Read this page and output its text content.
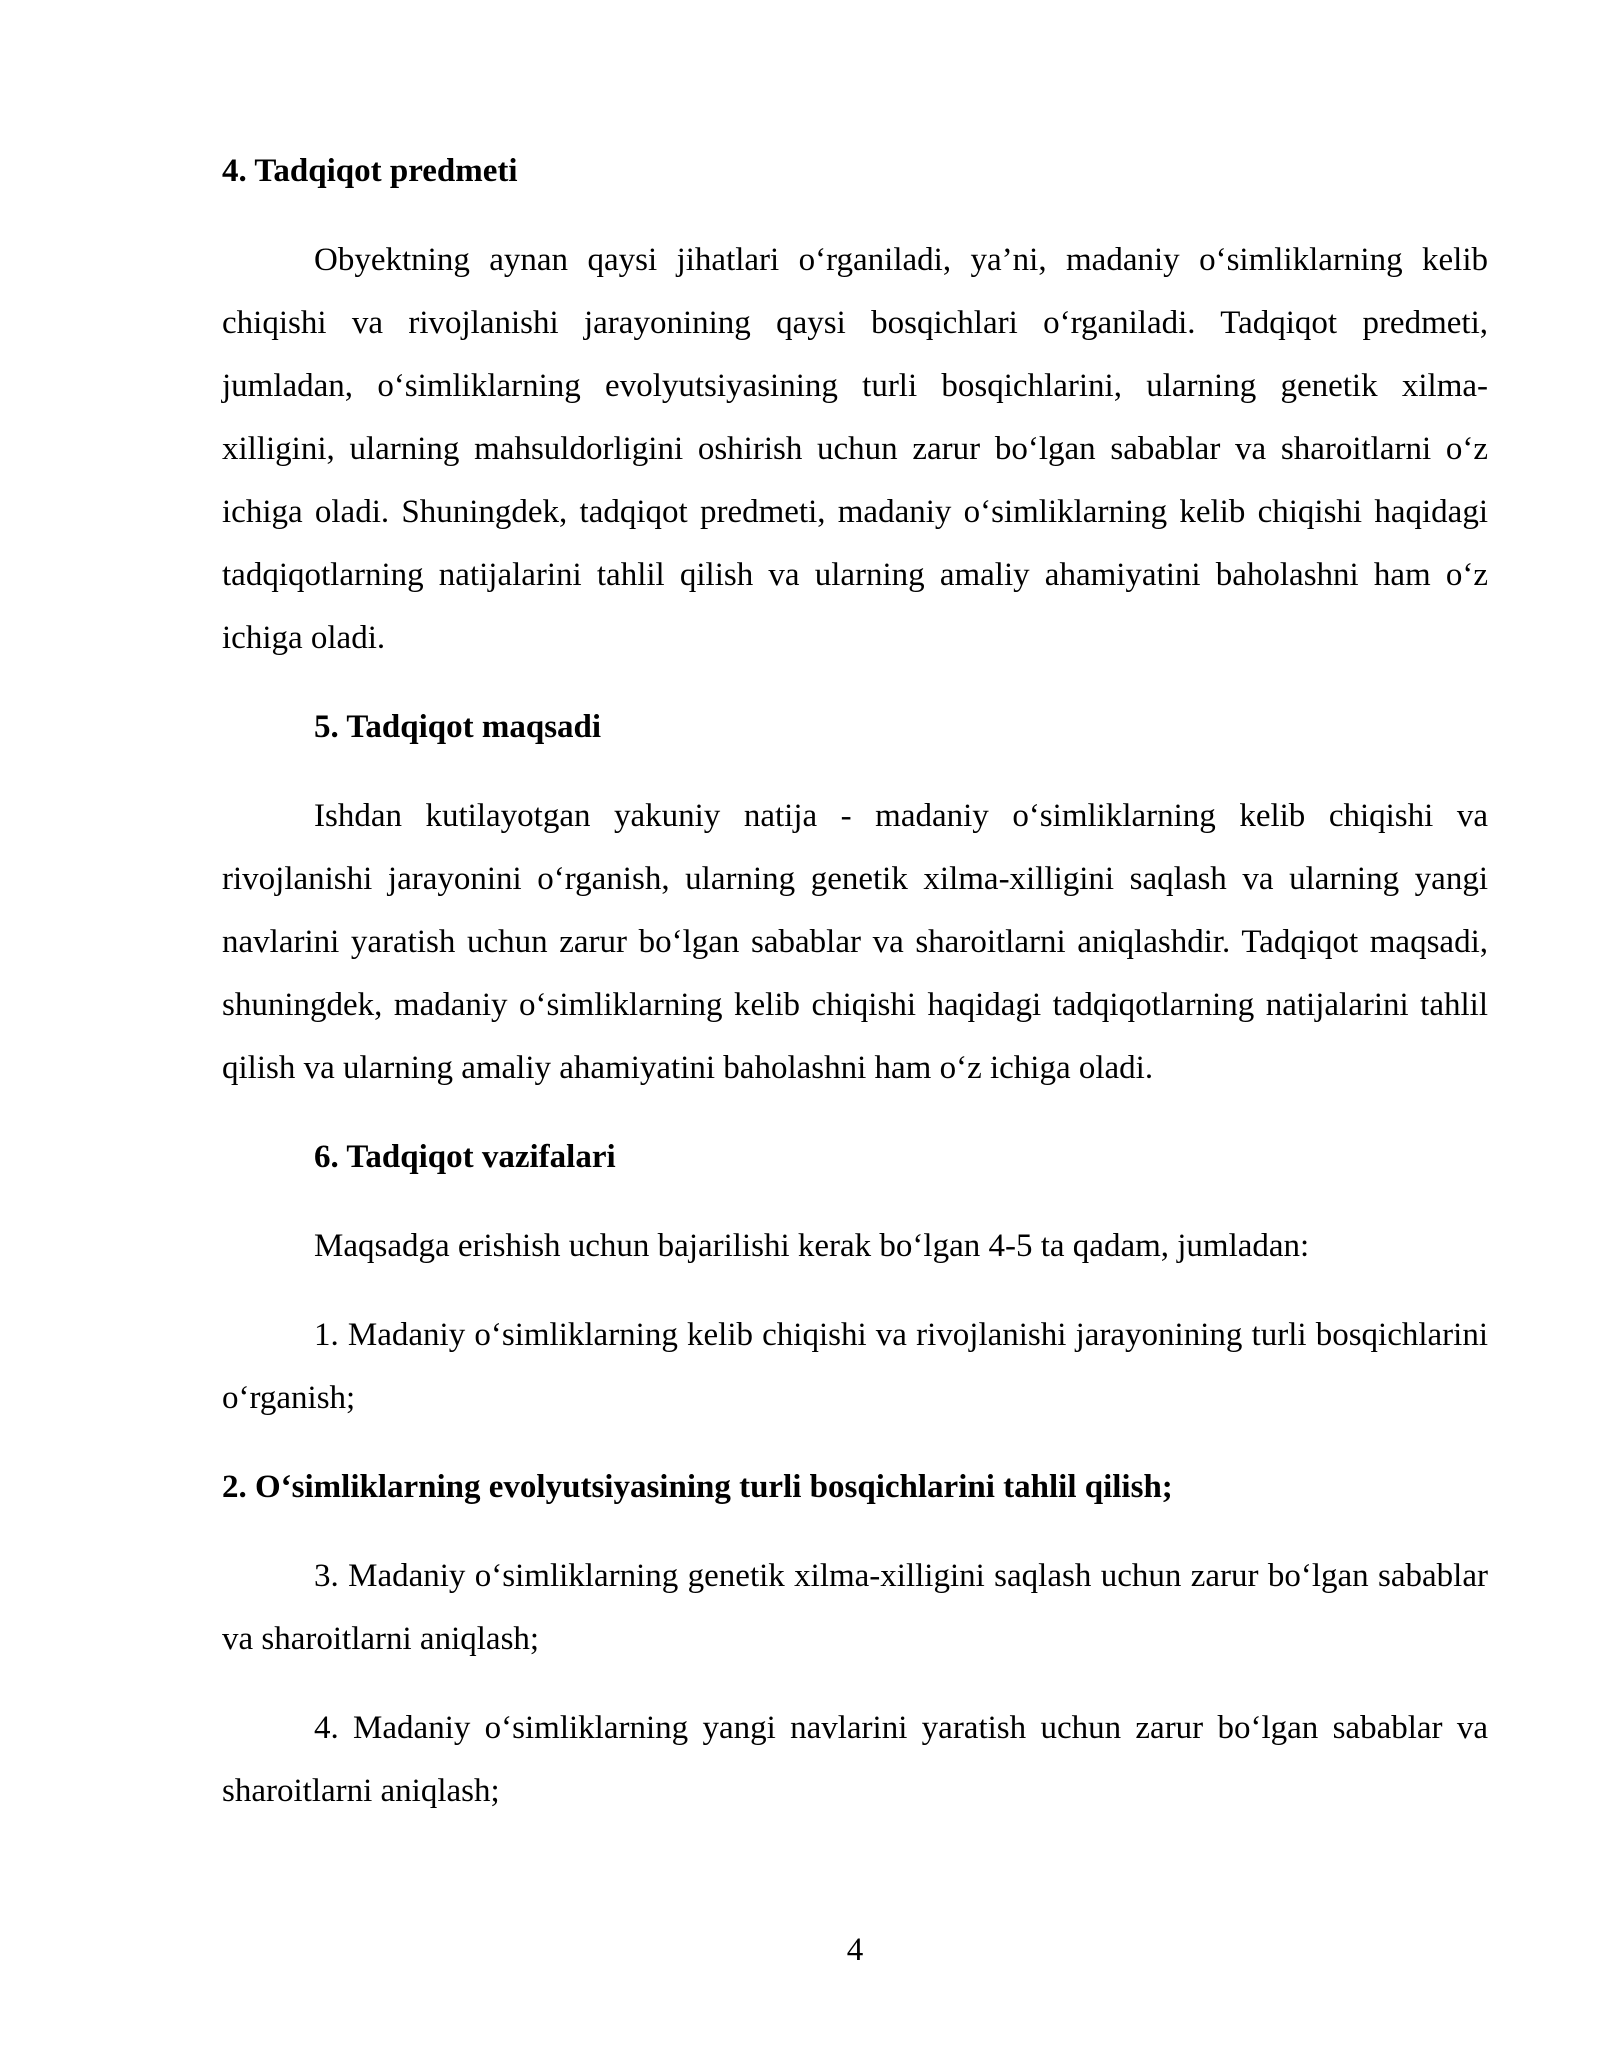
4. Tadqiqot predmeti
Obyektning aynan qaysi jihatlari o‘rganiladi, ya’ni, madaniy o‘simliklarning kelib chiqishi va rivojlanishi jarayonining qaysi bosqichlari o‘rganiladi. Tadqiqot predmeti, jumladan, o‘simliklarning evolyutsiyasining turli bosqichlarini, ularning genetik xilma-xilligini, ularning mahsuldorligini oshirish uchun zarur bo‘lgan sabablar va sharoitlarni o‘z ichiga oladi. Shuningdek, tadqiqot predmeti, madaniy o‘simliklarning kelib chiqishi haqidagi tadqiqotlarning natijalarini tahlil qilish va ularning amaliy ahamiyatini baholashni ham o‘z ichiga oladi.
5. Tadqiqot maqsadi
Ishdan kutilayotgan yakuniy natija - madaniy o‘simliklarning kelib chiqishi va rivojlanishi jarayonini o‘rganish, ularning genetik xilma-xilligini saqlash va ularning yangi navlarini yaratish uchun zarur bo‘lgan sabablar va sharoitlarni aniqlashdir. Tadqiqot maqsadi, shuningdek, madaniy o‘simliklarning kelib chiqishi haqidagi tadqiqotlarning natijalarini tahlil qilish va ularning amaliy ahamiyatini baholashni ham o‘z ichiga oladi.
6. Tadqiqot vazifalari
Maqsadga erishish uchun bajarilishi kerak bo‘lgan 4-5 ta qadam, jumladan:
1. Madaniy o‘simliklarning kelib chiqishi va rivojlanishi jarayonining turli bosqichlarini o‘rganish;
2. O‘simliklarning evolyutsiyasining turli bosqichlarini tahlil qilish;
3. Madaniy o‘simliklarning genetik xilma-xilligini saqlash uchun zarur bo‘lgan sabablar va sharoitlarni aniqlash;
4. Madaniy o‘simliklarning yangi navlarini yaratish uchun zarur bo‘lgan sabablar va sharoitlarni aniqlash;
4
